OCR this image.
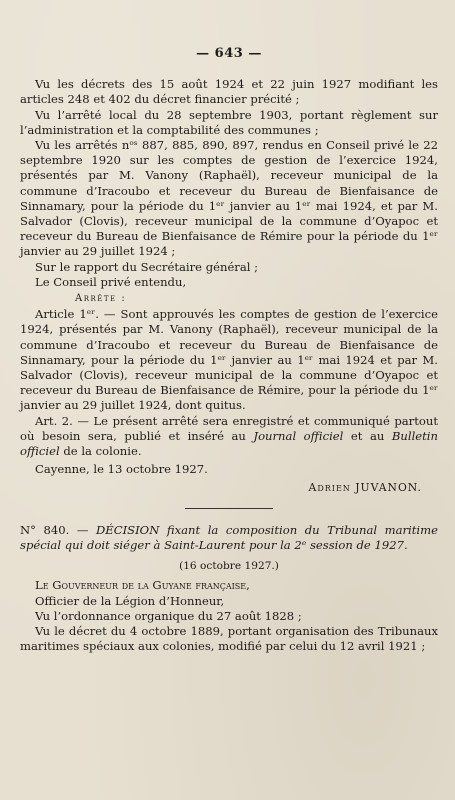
— 643 —

Vu les décrets des 15 août 1924 et 22 juin 1927 modifiant les articles 248 et 402 du décret financier précité ;

Vu l’arrêté local du 28 septembre 1903, portant règlement sur l’administration et la comptabilité des communes ;

Vu les arrêtés nᵒˢ 887, 885, 890, 897, rendus en Conseil privé le 22 septembre 1920 sur les comptes de gestion de l’exercice 1924, présentés par M. Vanony (Raphaël), receveur municipal de la commune d’Iracoubo et receveur du Bureau de Bienfaisance de Sinnamary, pour la période du 1ᵉʳ janvier au 1ᵉʳ mai 1924, et par M. Salvador (Clovis), receveur municipal de la commune d’Oyapoc et receveur du Bureau de Bienfaisance de Rémire pour la période du 1ᵉʳ janvier au 29 juillet 1924 ;

Sur le rapport du Secrétaire général ;

Le Conseil privé entendu,

Arrête :

Article 1ᵉʳ. — Sont approuvés les comptes de gestion de l’exercice 1924, présentés par M. Vanony (Raphaël), receveur municipal de la commune d’Iracoubo et receveur du Bureau de Bienfaisance de Sinnamary, pour la période du 1ᵉʳ janvier au 1ᵉʳ mai 1924 et par M. Salvador (Clovis), receveur municipal de la commune d’Oyapoc et receveur du Bureau de Bienfaisance de Rémire, pour la période du 1ᵉʳ janvier au 29 juillet 1924, dont quitus.

Art. 2. — Le présent arrêté sera enregistré et communiqué partout où besoin sera, publié et inséré au Journal officiel et au Bulletin officiel de la colonie.

Cayenne, le 13 octobre 1927.

Adrien JUVANON.

N° 840. — DÉCISION fixant la composition du Tribunal maritime spécial qui doit siéger à Saint-Laurent pour la 2ᵉ session de 1927.

(16 octobre 1927.)

Le Gouverneur de la Guyane française,

Officier de la Légion d’Honneur,

Vu l’ordonnance organique du 27 août 1828 ;

Vu le décret du 4 octobre 1889, portant organisation des Tribunaux maritimes spéciaux aux colonies, modifié par celui du 12 avril 1921 ;
